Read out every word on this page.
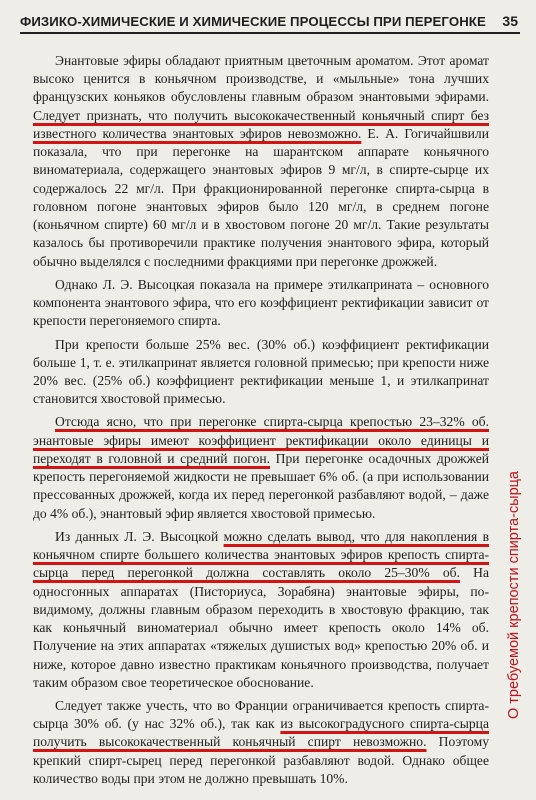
ФИЗИКО-ХИМИЧЕСКИЕ И ХИМИЧЕСКИЕ ПРОЦЕССЫ ПРИ ПЕРЕГОНКЕ 35

Энантовые эфиры обладают приятным цветочным ароматом. Этот аромат высоко ценится в коньячном производстве, и «мыльные» тона лучших французских коньяков обусловлены главным образом энантовыми эфирами. Следует признать, что получить высококачественный коньячный спирт без известного количества энантовых эфиров невозможно. Е. А. Гогичайшвили показала, что при перегонке на шарантском аппарате коньячного виноматериала, содержащего энантовых эфиров 9 мг/л, в спирте-сырце их содержалось 22 мг/л. При фракционированной перегонке спирта-сырца в головном погоне энантовых эфиров было 120 мг/л, в среднем погоне (коньячном спирте) 60 мг/л и в хвостовом погоне 20 мг/л. Такие результаты казалось бы противоречили практике получения энантового эфира, который обычно выделялся с последними фракциями при перегонке дрожжей.

Однако Л. Э. Высоцкая показала на примере этилкаприната – основного компонента энантового эфира, что его коэффициент ректификации зависит от крепости перегоняемого спирта.

При крепости больше 25% вес. (30% об.) коэффициент ректификации больше 1, т. е. этилкапринат является головной примесью; при крепости ниже 20% вес. (25% об.) коэффициент ректификации меньше 1, и этилкапринат становится хвостовой примесью.

Отсюда ясно, что при перегонке спирта-сырца крепостью 23–32% об. энантовые эфиры имеют коэффициент ректификации около единицы и переходят в головной и средний погон. При перегонке осадочных дрожжей крепость перегоняемой жидкости не превышает 6% об. (а при использовании прессованных дрожжей, когда их перед перегонкой разбавляют водой, – даже до 4% об.), энантовый эфир является хвостовой примесью.

Из данных Л. Э. Высоцкой можно сделать вывод, что для накопления в коньячном спирте большего количества энантовых эфиров крепость спирта-сырца перед перегонкой должна составлять около 25–30% об. На односгонных аппаратах (Писториуса, Зорабяна) энантовые эфиры, по-видимому, должны главным образом переходить в хвостовую фракцию, так как коньячный виноматериал обычно имеет крепость около 14% об. Получение на этих аппаратах «тяжелых душистых вод» крепостью 20% об. и ниже, которое давно известно практикам коньячного производства, получает таким образом свое теоретическое обоснование.

Следует также учесть, что во Франции ограничивается крепость спирта-сырца 30% об. (у нас 32% об.), так как из высокоградусного спирта-сырца получить высококачественный коньячный спирт невозможно. Поэтому крепкий спирт-сырец перед перегонкой разбавляют водой. Однако общее количество воды при этом не должно превышать 10%.

О требуемой крепости спирта-сырца
